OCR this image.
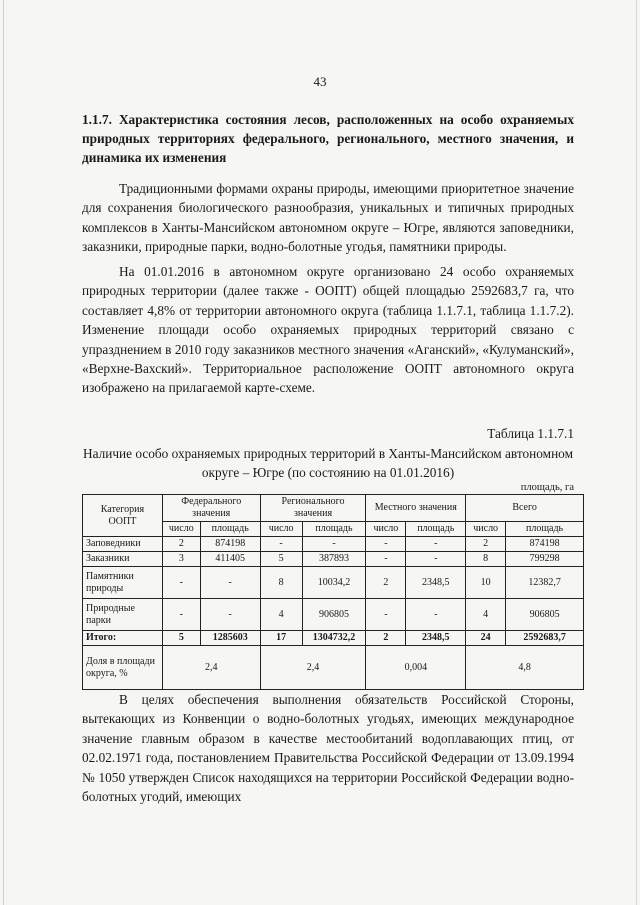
43
1.1.7. Характеристика состояния лесов, расположенных на особо охраняемых природных территориях федерального, регионального, местного значения, и динамика их изменения

Традиционными формами охраны природы, имеющими приоритетное значение для сохранения биологического разнообразия, уникальных и типичных природных комплексов в Ханты-Мансийском автономном округе – Югре, являются заповедники, заказники, природные парки, водно-болотные угодья, памятники природы.

На 01.01.2016 в автономном округе организовано 24 особо охраняемых природных территории (далее также - ООПТ) общей площадью 2592683,7 га, что составляет 4,8% от территории автономного округа (таблица 1.1.7.1, таблица 1.1.7.2). Изменение площади особо охраняемых природных территорий связано с упразднением в 2010 году заказников местного значения «Аганский», «Кулуманский», «Верхне-Вахский». Территориальное расположение ООПТ автономного округа изображено на прилагаемой карте-схеме.

Таблица 1.1.7.1
Наличие особо охраняемых природных территорий в Ханты-Мансийском автономном округе – Югре (по состоянию на 01.01.2016)
площадь, га
Категория ООПТ	Федерального значения		Регионального значения		Местного значения		Всего	
	число	площадь	число	площадь	число	площадь	число	площадь
Заповедники	2	874198	-	-	-	-	2	874198
Заказники	3	411405	5	387893	-	-	8	799298
Памятники природы	-	-	8	10034,2	2	2348,5	10	12382,7
Природные парки	-	-	4	906805	-	-	4	906805
Итого:	5	1285603	17	1304732,2	2	2348,5	24	2592683,7
Доля в площади округа, %	2,4		2,4		0,004		4,8	

В целях обеспечения выполнения обязательств Российской Стороны, вытекающих из Конвенции о водно-болотных угодьях, имеющих международное значение главным образом в качестве местообитаний водоплавающих птиц, от 02.02.1971 года, постановлением Правительства Российской Федерации от 13.09.1994 № 1050 утвержден Список находящихся на территории Российской Федерации водно-болотных угодий, имеющих
